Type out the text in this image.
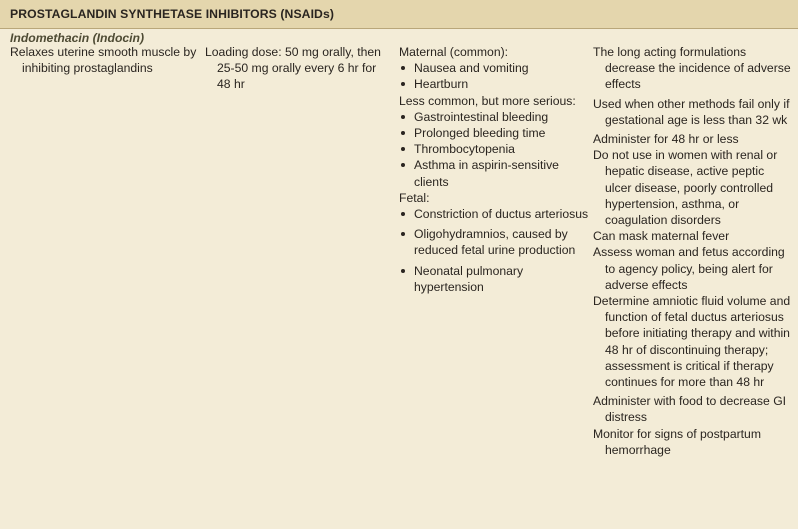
PROSTAGLANDIN SYNTHETASE INHIBITORS (NSAIDs)
Indomethacin (Indocin)
Relaxes uterine smooth muscle by inhibiting prostaglandins
Loading dose: 50 mg orally, then 25-50 mg orally every 6 hr for 48 hr
Maternal (common):
Nausea and vomiting
Heartburn
Less common, but more serious:
Gastrointestinal bleeding
Prolonged bleeding time
Thrombocytopenia
Asthma in aspirin-sensitive clients
Fetal:
Constriction of ductus arteriosus
Oligohydramnios, caused by reduced fetal urine production
Neonatal pulmonary hypertension
The long acting formulations decrease the incidence of adverse effects
Used when other methods fail only if gestational age is less than 32 wk
Administer for 48 hr or less
Do not use in women with renal or hepatic disease, active peptic ulcer disease, poorly controlled hypertension, asthma, or coagulation disorders
Can mask maternal fever
Assess woman and fetus according to agency policy, being alert for adverse effects
Determine amniotic fluid volume and function of fetal ductus arteriosus before initiating therapy and within 48 hr of discontinuing therapy; assessment is critical if therapy continues for more than 48 hr
Administer with food to decrease GI distress
Monitor for signs of postpartum hemorrhage
